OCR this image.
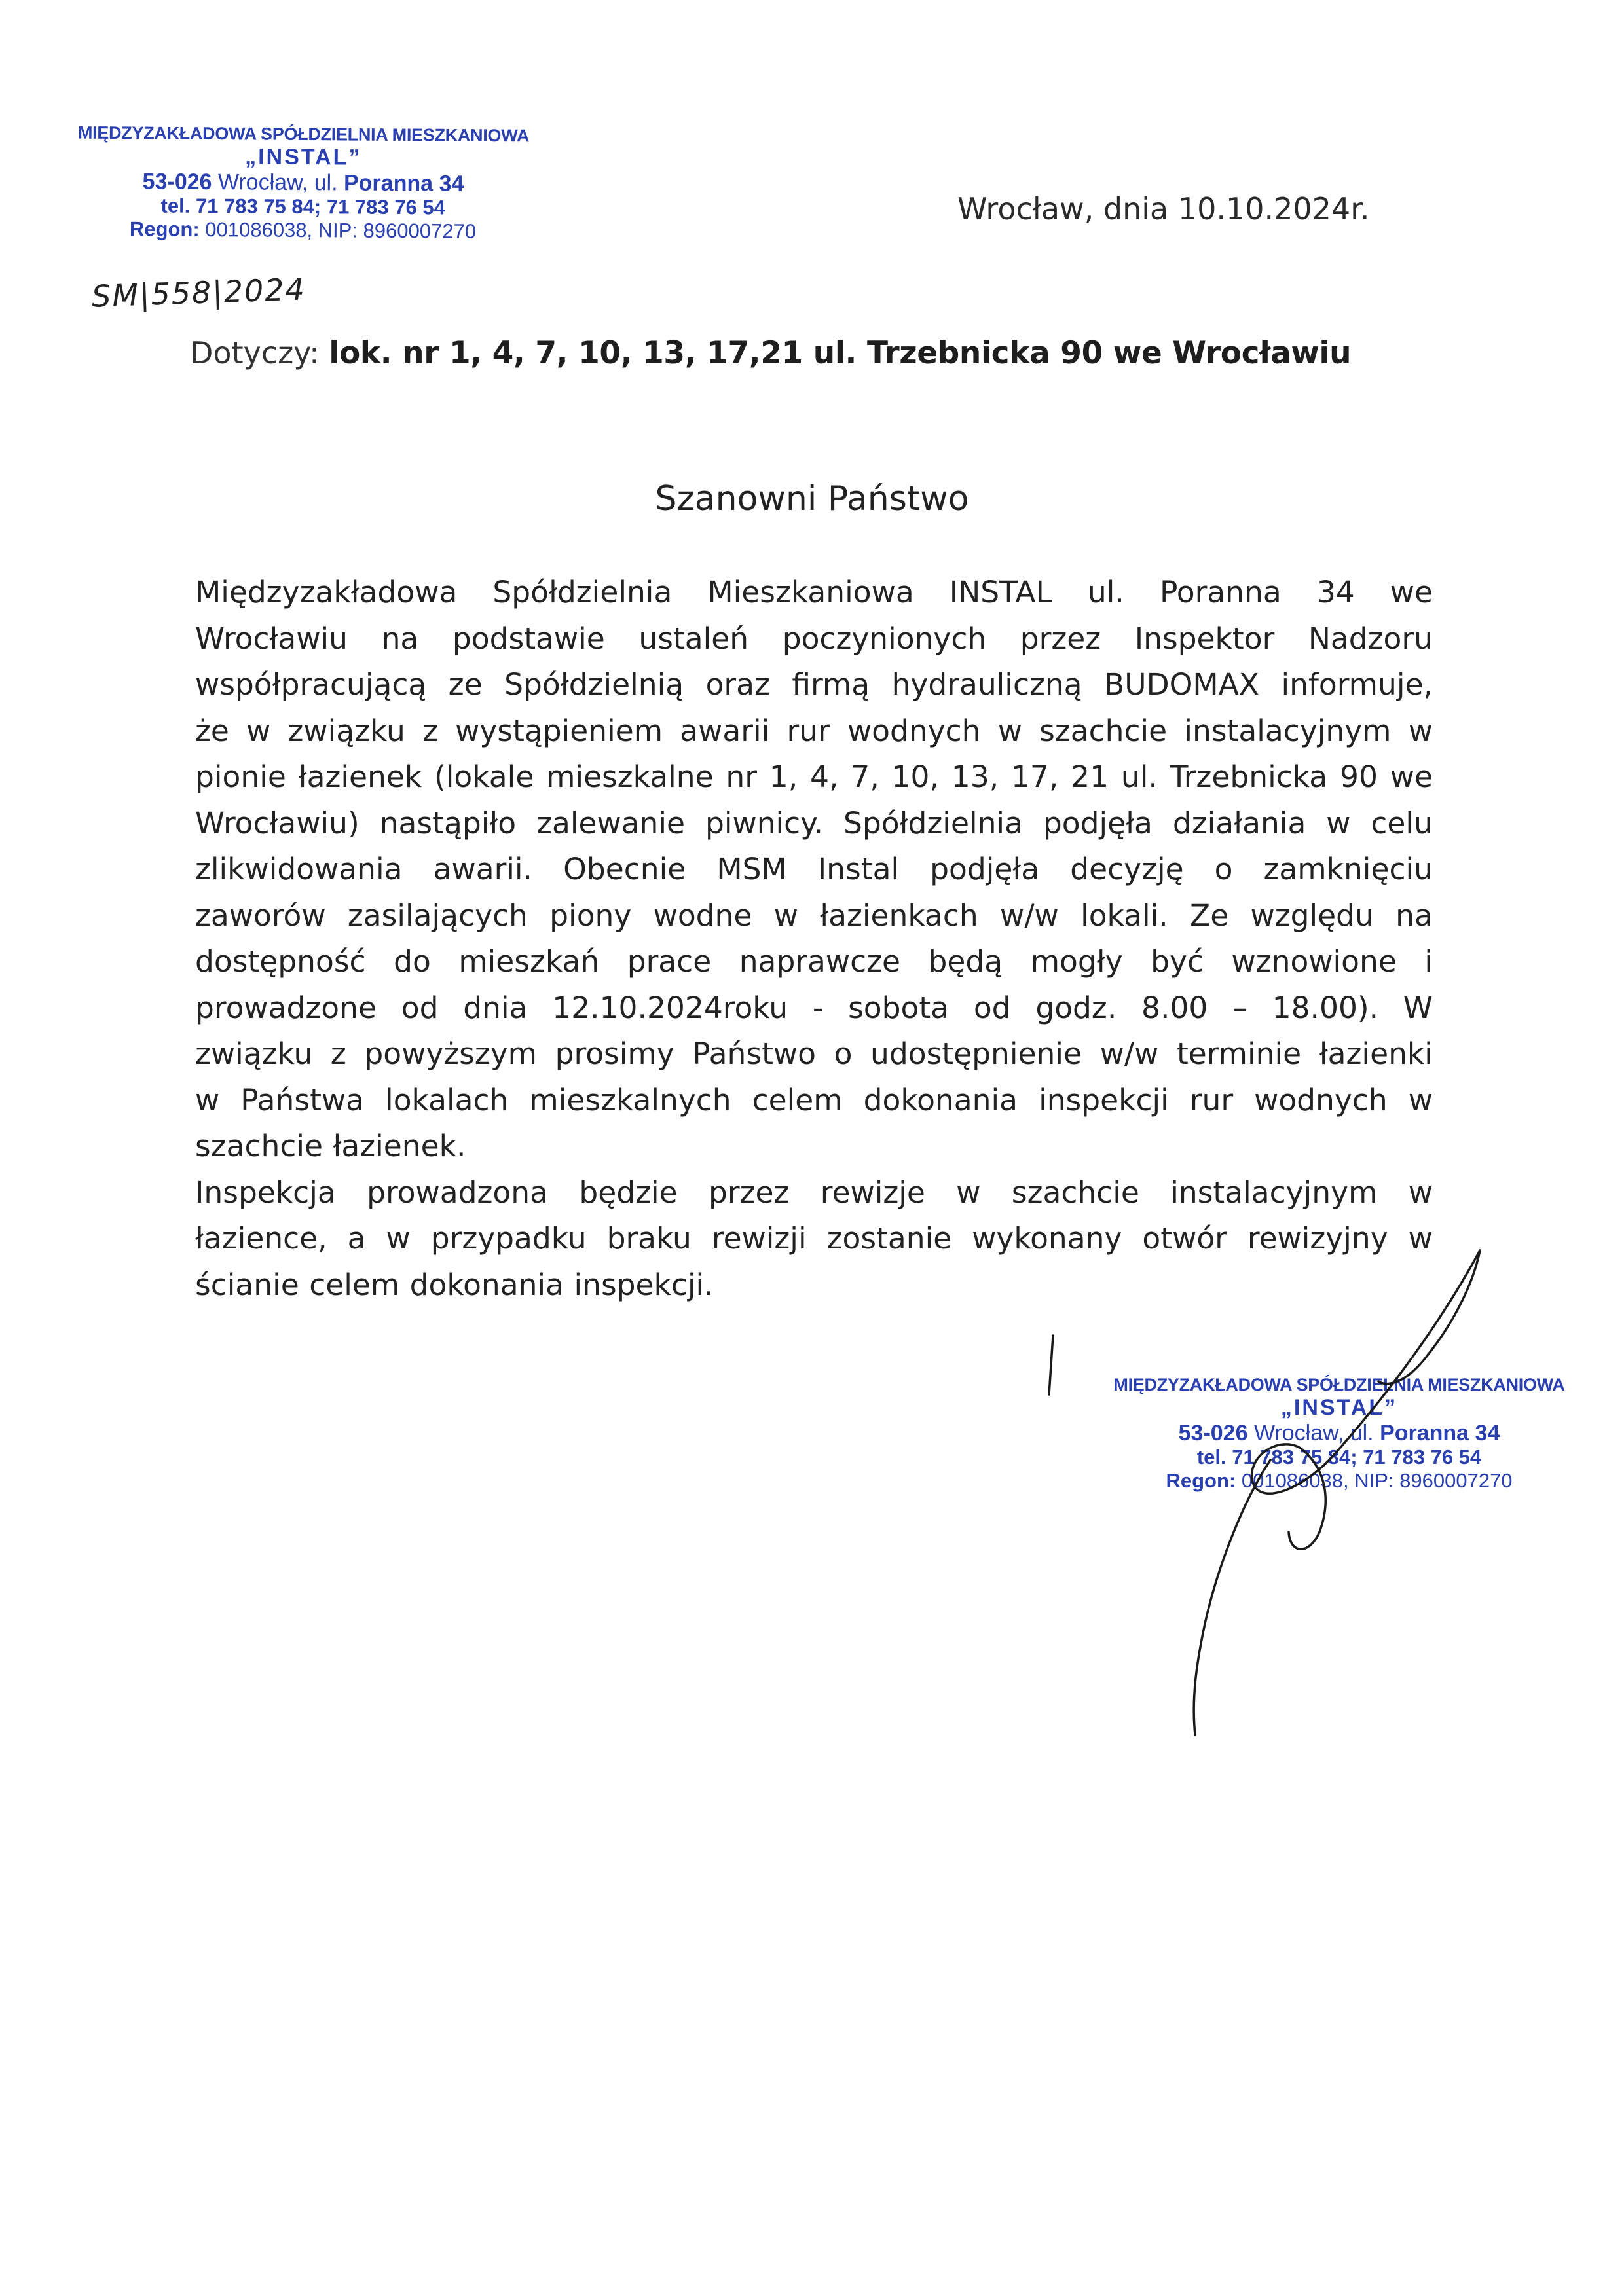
MIĘDZYZAKŁADOWA SPÓŁDZIELNIA MIESZKANIOWA
„INSTAL”
53-026 Wrocław, ul. Poranna 34
tel. 71 783 75 84; 71 783 76 54
Regon: 001086038, NIP: 8960007270
Wrocław, dnia 10.10.2024r.
SM|558|2024
Dotyczy: lok. nr 1, 4, 7, 10, 13, 17,21 ul. Trzebnicka 90 we Wrocławiu
Szanowni Państwo
Międzyzakładowa Spółdzielnia Mieszkaniowa INSTAL ul. Poranna 34 we
Wrocławiu na podstawie ustaleń poczynionych przez Inspektor Nadzoru
współpracującą ze Spółdzielnią oraz firmą hydrauliczną BUDOMAX informuje,
że w związku z wystąpieniem awarii rur wodnych w szachcie instalacyjnym w
pionie łazienek (lokale mieszkalne nr 1, 4, 7, 10, 13, 17, 21 ul. Trzebnicka 90 we
Wrocławiu) nastąpiło zalewanie piwnicy. Spółdzielnia podjęła działania w celu
zlikwidowania awarii. Obecnie MSM Instal podjęła decyzję o zamknięciu
zaworów zasilających piony wodne w łazienkach w/w lokali. Ze względu na
dostępność do mieszkań prace naprawcze będą mogły być wznowione i
prowadzone od dnia 12.10.2024roku - sobota od godz. 8.00 – 18.00). W
związku z powyższym prosimy Państwo o udostępnienie w/w terminie łazienki
w Państwa lokalach mieszkalnych celem dokonania inspekcji rur wodnych w
szachcie łazienek.
Inspekcja prowadzona będzie przez rewizje w szachcie instalacyjnym w
łazience, a w przypadku braku rewizji zostanie wykonany otwór rewizyjny w
ścianie celem dokonania inspekcji.
MIĘDZYZAKŁADOWA SPÓŁDZIELNIA MIESZKANIOWA
„INSTAL”
53-026 Wrocław, ul. Poranna 34
tel. 71 783 75 84; 71 783 76 54
Regon: 001086038, NIP: 8960007270
